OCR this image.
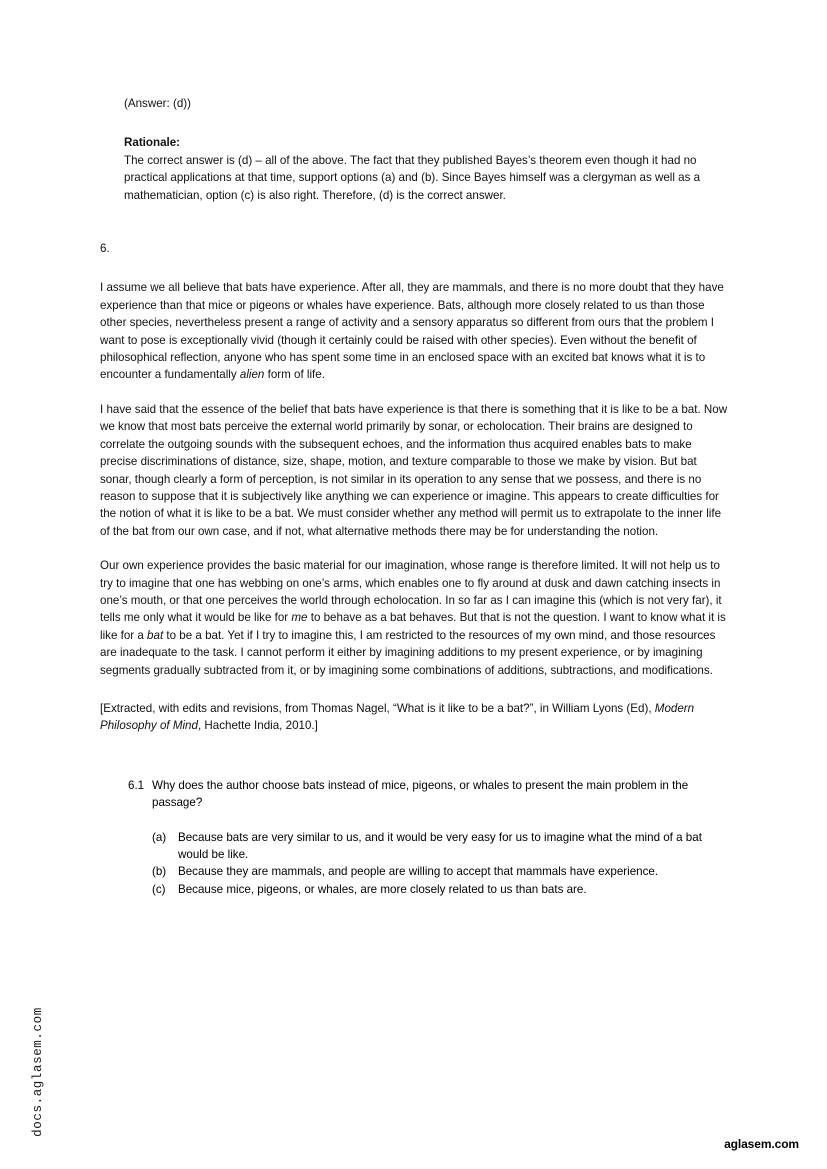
docs.aglasem.com

(Answer: (d))

Rationale:

The correct answer is (d) – all of the above. The fact that they published Bayes’s theorem even though it had no practical applications at that time, support options (a) and (b). Since Bayes himself was a clergyman as well as a mathematician, option (c) is also right. Therefore, (d) is the correct answer.

6.

I assume we all believe that bats have experience. After all, they are mammals, and there is no more doubt that they have experience than that mice or pigeons or whales have experience. Bats, although more closely related to us than those other species, nevertheless present a range of activity and a sensory apparatus so different from ours that the problem I want to pose is exceptionally vivid (though it certainly could be raised with other species). Even without the benefit of philosophical reflection, anyone who has spent some time in an enclosed space with an excited bat knows what it is to encounter a fundamentally alien form of life.

I have said that the essence of the belief that bats have experience is that there is something that it is like to be a bat. Now we know that most bats perceive the external world primarily by sonar, or echolocation. Their brains are designed to correlate the outgoing sounds with the subsequent echoes, and the information thus acquired enables bats to make precise discriminations of distance, size, shape, motion, and texture comparable to those we make by vision. But bat sonar, though clearly a form of perception, is not similar in its operation to any sense that we possess, and there is no reason to suppose that it is subjectively like anything we can experience or imagine. This appears to create difficulties for the notion of what it is like to be a bat. We must consider whether any method will permit us to extrapolate to the inner life of the bat from our own case, and if not, what alternative methods there may be for understanding the notion.

Our own experience provides the basic material for our imagination, whose range is therefore limited. It will not help us to try to imagine that one has webbing on one’s arms, which enables one to fly around at dusk and dawn catching insects in one’s mouth, or that one perceives the world through echolocation. In so far as I can imagine this (which is not very far), it tells me only what it would be like for me to behave as a bat behaves. But that is not the question. I want to know what it is like for a bat to be a bat. Yet if I try to imagine this, I am restricted to the resources of my own mind, and those resources are inadequate to the task. I cannot perform it either by imagining additions to my present experience, or by imagining segments gradually subtracted from it, or by imagining some combinations of additions, subtractions, and modifications.

[Extracted, with edits and revisions, from Thomas Nagel, “What is it like to be a bat?”, in William Lyons (Ed), Modern Philosophy of Mind, Hachette India, 2010.]

6.1 Why does the author choose bats instead of mice, pigeons, or whales to present the main problem in the passage?
(a)	Because bats are very similar to us, and it would be very easy for us to imagine what the mind of a bat would be like.
(b)	Because they are mammals, and people are willing to accept that mammals have experience.
(c)	Because mice, pigeons, or whales, are more closely related to us than bats are.
aglasem.com
